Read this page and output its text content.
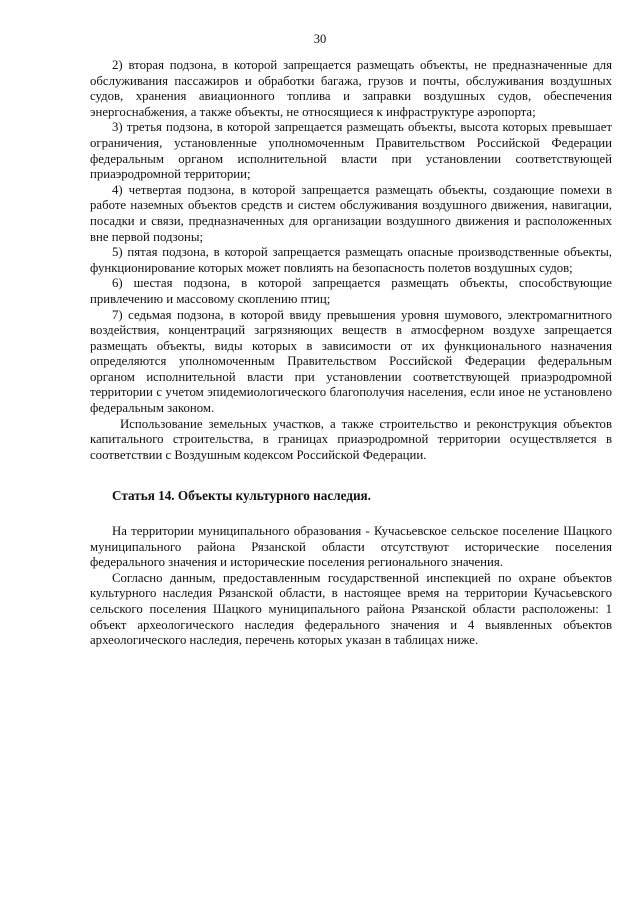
30

2) вторая подзона, в которой запрещается размещать объекты, не предназначенные для обслуживания пассажиров и обработки багажа, грузов и почты, обслуживания воздушных судов, хранения авиационного топлива и заправки воздушных судов, обеспечения энергоснабжения, а также объекты, не относящиеся к инфраструктуре аэропорта;

3) третья подзона, в которой запрещается размещать объекты, высота которых превышает ограничения, установленные уполномоченным Правительством Российской Федерации федеральным органом исполнительной власти при установлении соответствующей приаэродромной территории;

4) четвертая подзона, в которой запрещается размещать объекты, создающие помехи в работе наземных объектов средств и систем обслуживания воздушного движения, навигации, посадки и связи, предназначенных для организации воздушного движения и расположенных вне первой подзоны;

5) пятая подзона, в которой запрещается размещать опасные производственные объекты, функционирование которых может повлиять на безопасность полетов воздушных судов;

6) шестая подзона, в которой запрещается размещать объекты, способствующие привлечению и массовому скоплению птиц;

7) седьмая подзона, в которой ввиду превышения уровня шумового, электромагнитного воздействия, концентраций загрязняющих веществ в атмосферном воздухе запрещается размещать объекты, виды которых в зависимости от их функционального назначения определяются уполномоченным Правительством Российской Федерации федеральным органом исполнительной власти при установлении соответствующей приаэродромной территории с учетом эпидемиологического благополучия населения, если иное не установлено федеральным законом.

Использование земельных участков, а также строительство и реконструкция объектов капитального строительства, в границах приаэродромной территории осуществляется в соответствии с Воздушным кодексом Российской Федерации.

Статья 14. Объекты культурного наследия.

На территории муниципального образования - Кучасьевское сельское поселение Шацкого муниципального района Рязанской области отсутствуют исторические поселения федерального значения и исторические поселения регионального значения.

Согласно данным, предоставленным государственной инспекцией по охране объектов культурного наследия Рязанской области, в настоящее время на территории Кучасьевского сельского поселения Шацкого муниципального района Рязанской области расположены: 1 объект археологического наследия федерального значения и 4 выявленных объектов археологического наследия, перечень которых указан в таблицах ниже.
